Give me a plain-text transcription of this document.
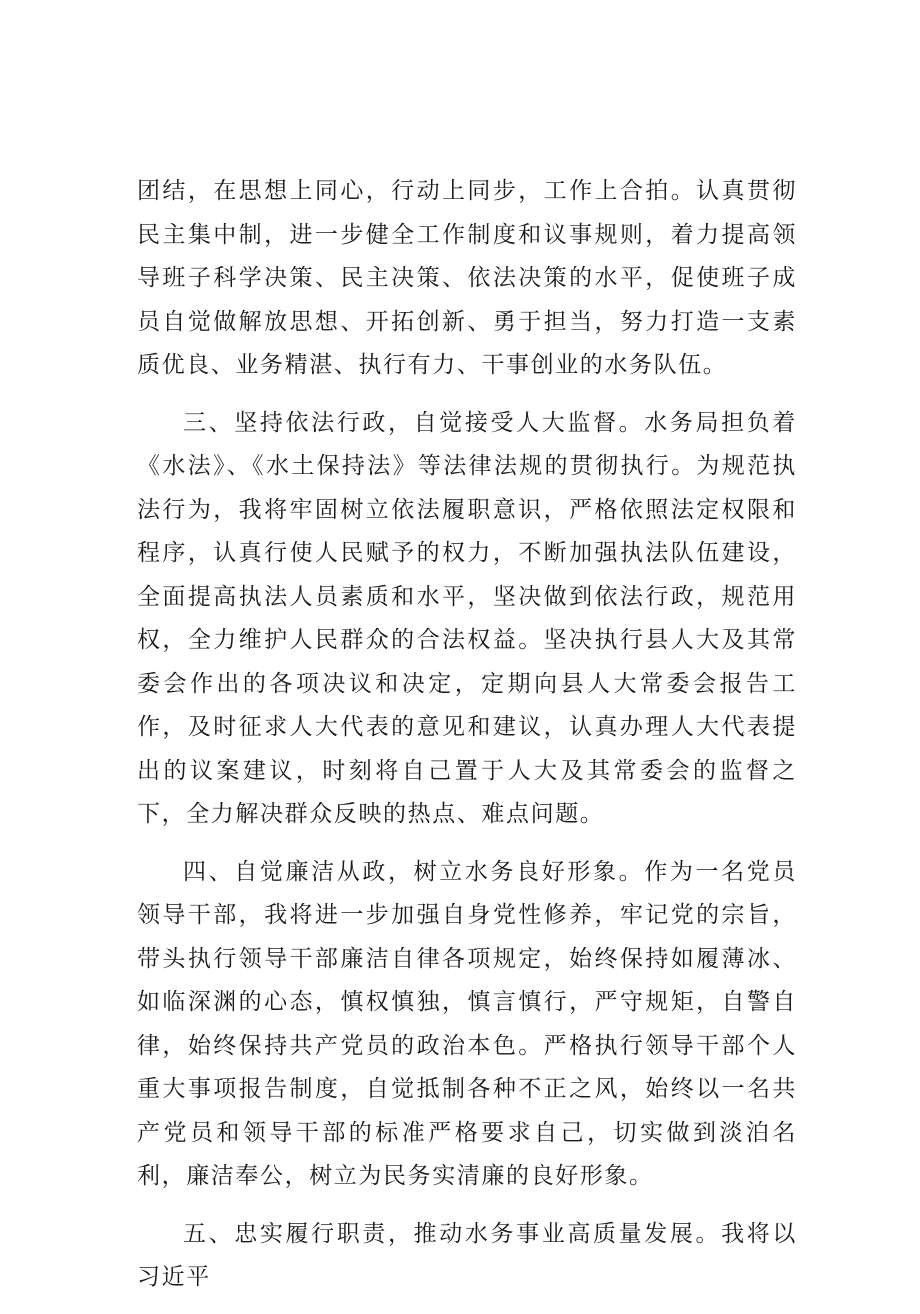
团结，在思想上同心，行动上同步，工作上合拍。认真贯彻民主集中制，进一步健全工作制度和议事规则，着力提高领导班子科学决策、民主决策、依法决策的水平，促使班子成员自觉做解放思想、开拓创新、勇于担当，努力打造一支素质优良、业务精湛、执行有力、干事创业的水务队伍。

三、坚持依法行政，自觉接受人大监督。水务局担负着《水法》、《水土保持法》等法律法规的贯彻执行。为规范执法行为，我将牢固树立依法履职意识，严格依照法定权限和程序，认真行使人民赋予的权力，不断加强执法队伍建设，全面提高执法人员素质和水平，坚决做到依法行政，规范用权，全力维护人民群众的合法权益。坚决执行县人大及其常委会作出的各项决议和决定，定期向县人大常委会报告工作，及时征求人大代表的意见和建议，认真办理人大代表提出的议案建议，时刻将自己置于人大及其常委会的监督之下，全力解决群众反映的热点、难点问题。

四、自觉廉洁从政，树立水务良好形象。作为一名党员领导干部，我将进一步加强自身党性修养，牢记党的宗旨，带头执行领导干部廉洁自律各项规定，始终保持如履薄冰、如临深渊的心态，慎权慎独，慎言慎行，严守规矩，自警自律，始终保持共产党员的政治本色。严格执行领导干部个人重大事项报告制度，自觉抵制各种不正之风，始终以一名共产党员和领导干部的标准严格要求自己，切实做到淡泊名利，廉洁奉公，树立为民务实清廉的良好形象。

五、忠实履行职责，推动水务事业高质量发展。我将以习近平
